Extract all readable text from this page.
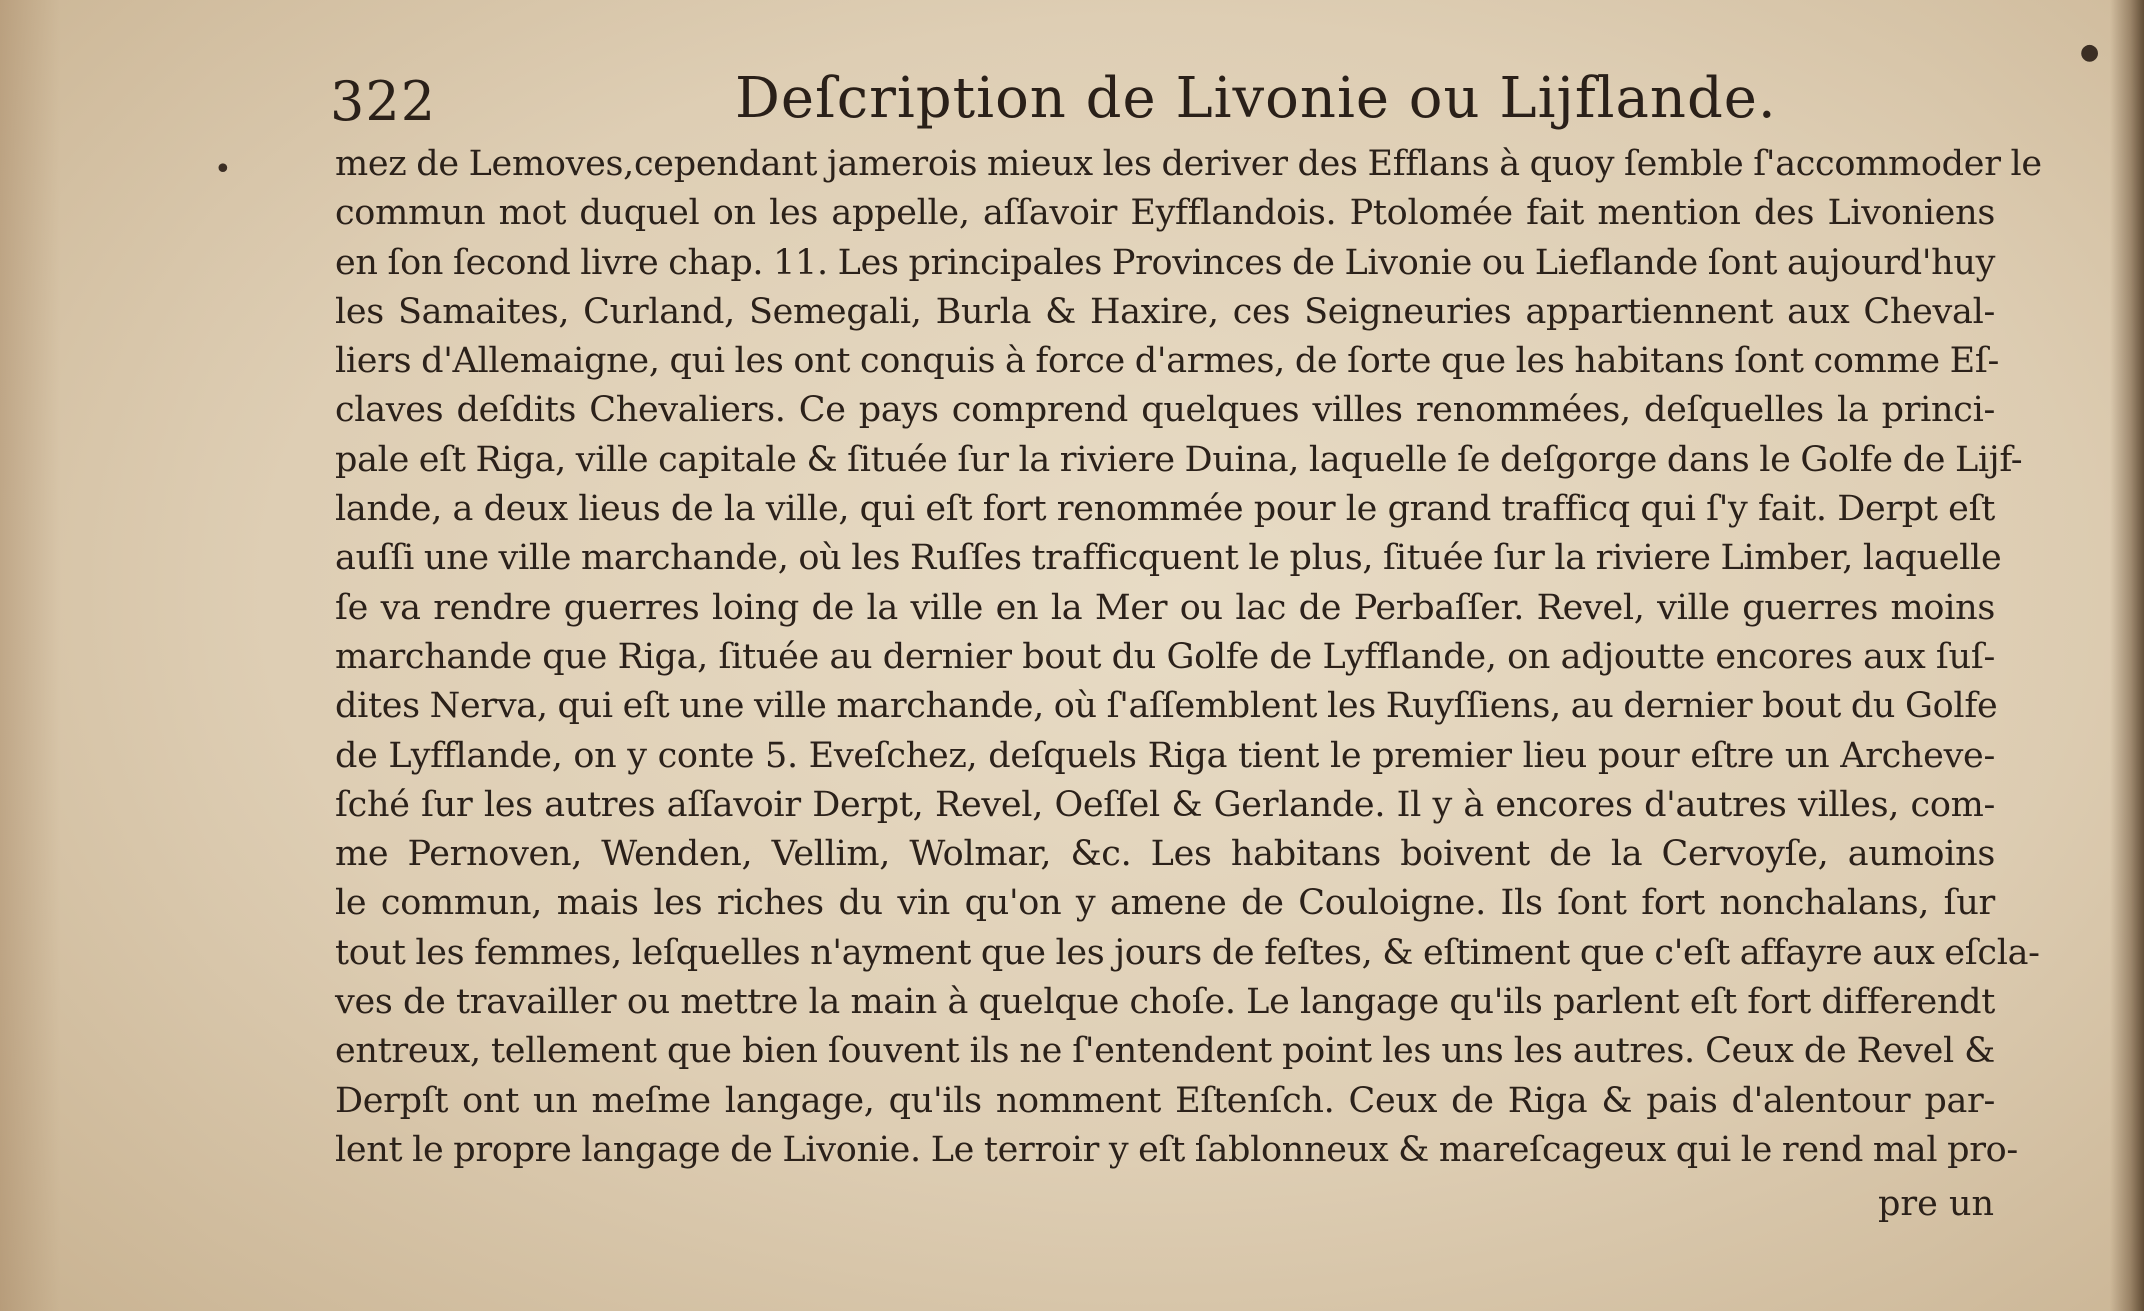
322	Deſcription de Livonie ou Lijflande.
mez de Lemoves,cependant jamerois mieux les deriver des Efflans à quoy ſemble ſ'accommoder le
commun mot duquel on les appelle, aſſavoir Eyfflandois. Ptolomée fait mention des Livoniens
en ſon ſecond livre chap. 11. Les principales Provinces de Livonie ou Lieflande ſont aujourd'huy
les Samaites, Curland, Semegali, Burla & Haxire, ces Seigneuries appartiennent aux Cheval-
liers d'Allemaigne, qui les ont conquis à force d'armes, de ſorte que les habitans ſont comme Eſ-
claves deſdits Chevaliers. Ce pays comprend quelques villes renommées, deſquelles la princi-
pale eſt Riga, ville capitale & ſituée ſur la riviere Duina, laquelle ſe deſgorge dans le Golfe de Lijf-
lande, a deux lieus de la ville, qui eſt fort renommée pour le grand trafficq qui ſ'y fait. Derpt eſt
auſſi une ville marchande, où les Ruſſes trafficquent le plus, ſituée ſur la riviere Limber, laquelle
ſe va rendre guerres loing de la ville en la Mer ou lac de Perbaſſer. Revel, ville guerres moins
marchande que Riga, ſituée au dernier bout du Golfe de Lyfflande, on adjoutte encores aux ſuſ-
dites Nerva, qui eſt une ville marchande, où ſ'aſſemblent les Ruyſſiens, au dernier bout du Golfe
de Lyfflande, on y conte 5. Eveſchez, deſquels Riga tient le premier lieu pour eſtre un Archeve-
ſché ſur les autres aſſavoir Derpt, Revel, Oeſſel & Gerlande. Il y à encores d'autres villes, com-
me Pernoven, Wenden, Vellim, Wolmar, &c. Les habitans boivent de la Cervoyſe, aumoins
le commun, mais les riches du vin qu'on y amene de Couloigne. Ils ſont fort nonchalans, ſur
tout les femmes, leſquelles n'ayment que les jours de feſtes, & eſtiment que c'eſt affayre aux eſcla-
ves de travailler ou mettre la main à quelque choſe. Le langage qu'ils parlent eſt fort differendt
entreux, tellement que bien ſouvent ils ne ſ'entendent point les uns les autres. Ceux de Revel &
Derpſt ont un meſme langage, qu'ils nomment Eſtenſch. Ceux de Riga & pais d'alentour par-
lent le propre langage de Livonie. Le terroir y eſt ſablonneux & mareſcageux qui le rend mal pro-
pre un
•
●
